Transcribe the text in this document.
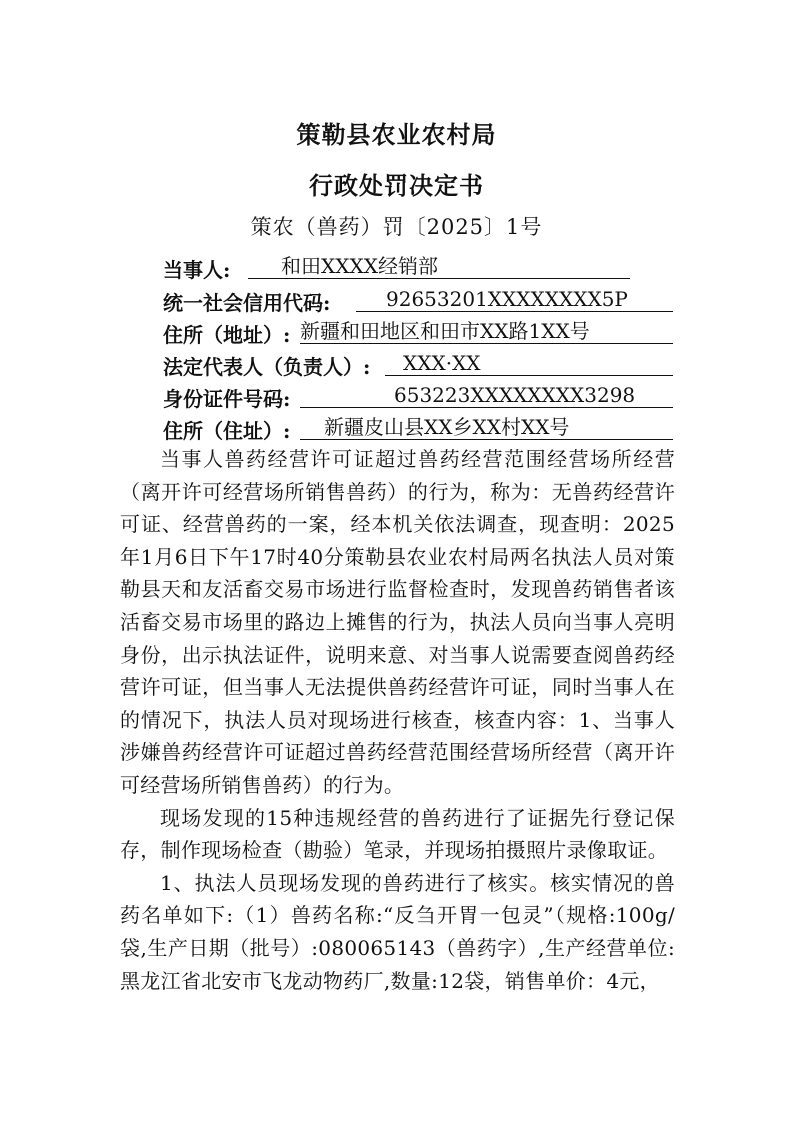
策勒县农业农村局
行政处罚决定书
策农（兽药）罚〔2025〕1号
当事人:	和田XXXX经销部
统一社会信用代码:	92653201XXXXXXXX5P
住所（地址）: 新疆和田地区和田市XX路1XX号
法定代表人（负责人）:	XXX·XX
身份证件号码:	653223XXXXXXXX3298
住所（住址）:	新疆皮山县XX乡XX村XX号

当事人兽药经营许可证超过兽药经营范围经营场所经营（离开许可经营场所销售兽药）的行为，称为：无兽药经营许可证、经营兽药的一案，经本机关依法调查，现查明：2025年1月6日下午17时40分策勒县农业农村局两名执法人员对策勒县天和友活畜交易市场进行监督检查时，发现兽药销售者该活畜交易市场里的路边上摊售的行为，执法人员向当事人亮明身份，出示执法证件，说明来意、对当事人说需要查阅兽药经营许可证，但当事人无法提供兽药经营许可证，同时当事人在的情况下，执法人员对现场进行核查，核查内容：1、当事人涉嫌兽药经营许可证超过兽药经营范围经营场所经营（离开许可经营场所销售兽药）的行为。

现场发现的15种违规经营的兽药进行了证据先行登记保存，制作现场检查（勘验）笔录，并现场拍摄照片录像取证。

1、执法人员现场发现的兽药进行了核实。核实情况的兽药名单如下:（1）兽药名称:“反刍开胃一包灵”（规格:100g/袋,生产日期（批号）:080065143（兽药字）,生产经营单位:黑龙江省北安市飞龙动物药厂,数量:12袋，销售单价：4元，
